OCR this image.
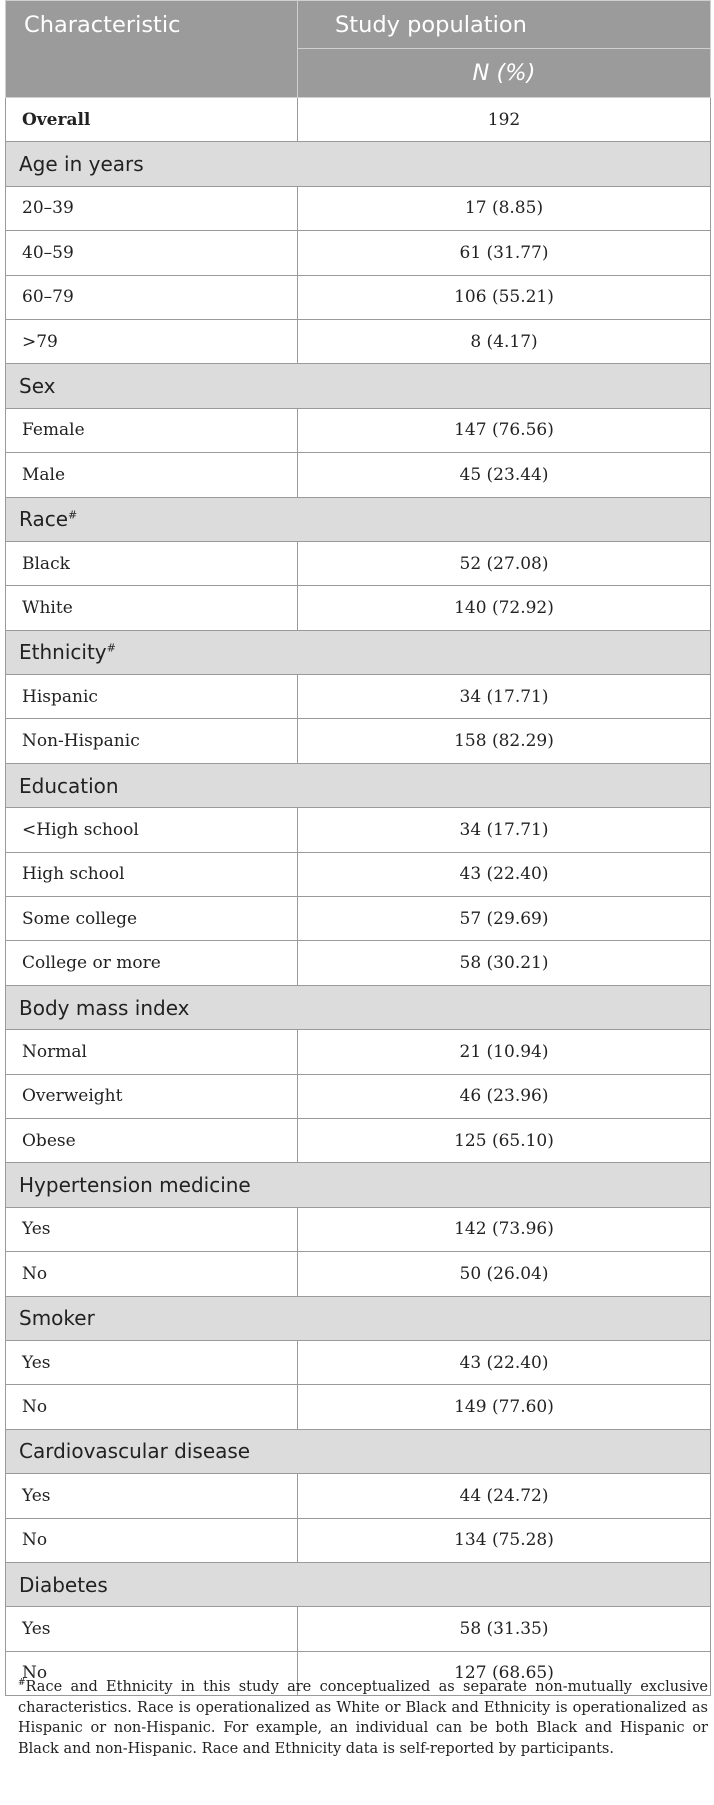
Characteristic	Study population
	N (%)
Overall	192
Age in years	
20–39	17 (8.85)
40–59	61 (31.77)
60–79	106 (55.21)
>79	8 (4.17)
Sex	
Female	147 (76.56)
Male	45 (23.44)
Race#
Black	52 (27.08)
White	140 (72.92)
Ethnicity#
Hispanic	34 (17.71)
Non-Hispanic	158 (82.29)
Education	
<High school	34 (17.71)
High school	43 (22.40)
Some college	57 (29.69)
College or more	58 (30.21)
Body mass index	
Normal	21 (10.94)
Overweight	46 (23.96)
Obese	125 (65.10)
Hypertension medicine	
Yes	142 (73.96)
No	50 (26.04)
Smoker	
Yes	43 (22.40)
No	149 (77.60)
Cardiovascular disease	
Yes	44 (24.72)
No	134 (75.28)
Diabetes	
Yes	58 (31.35)
No	127 (68.65)
#Race and Ethnicity in this study are conceptualized as separate non-mutually exclusive characteristics. Race is operationalized as White or Black and Ethnicity is operationalized as Hispanic or non-Hispanic. For example, an individual can be both Black and Hispanic or Black and non-Hispanic. Race and Ethnicity data is self-reported by participants.
